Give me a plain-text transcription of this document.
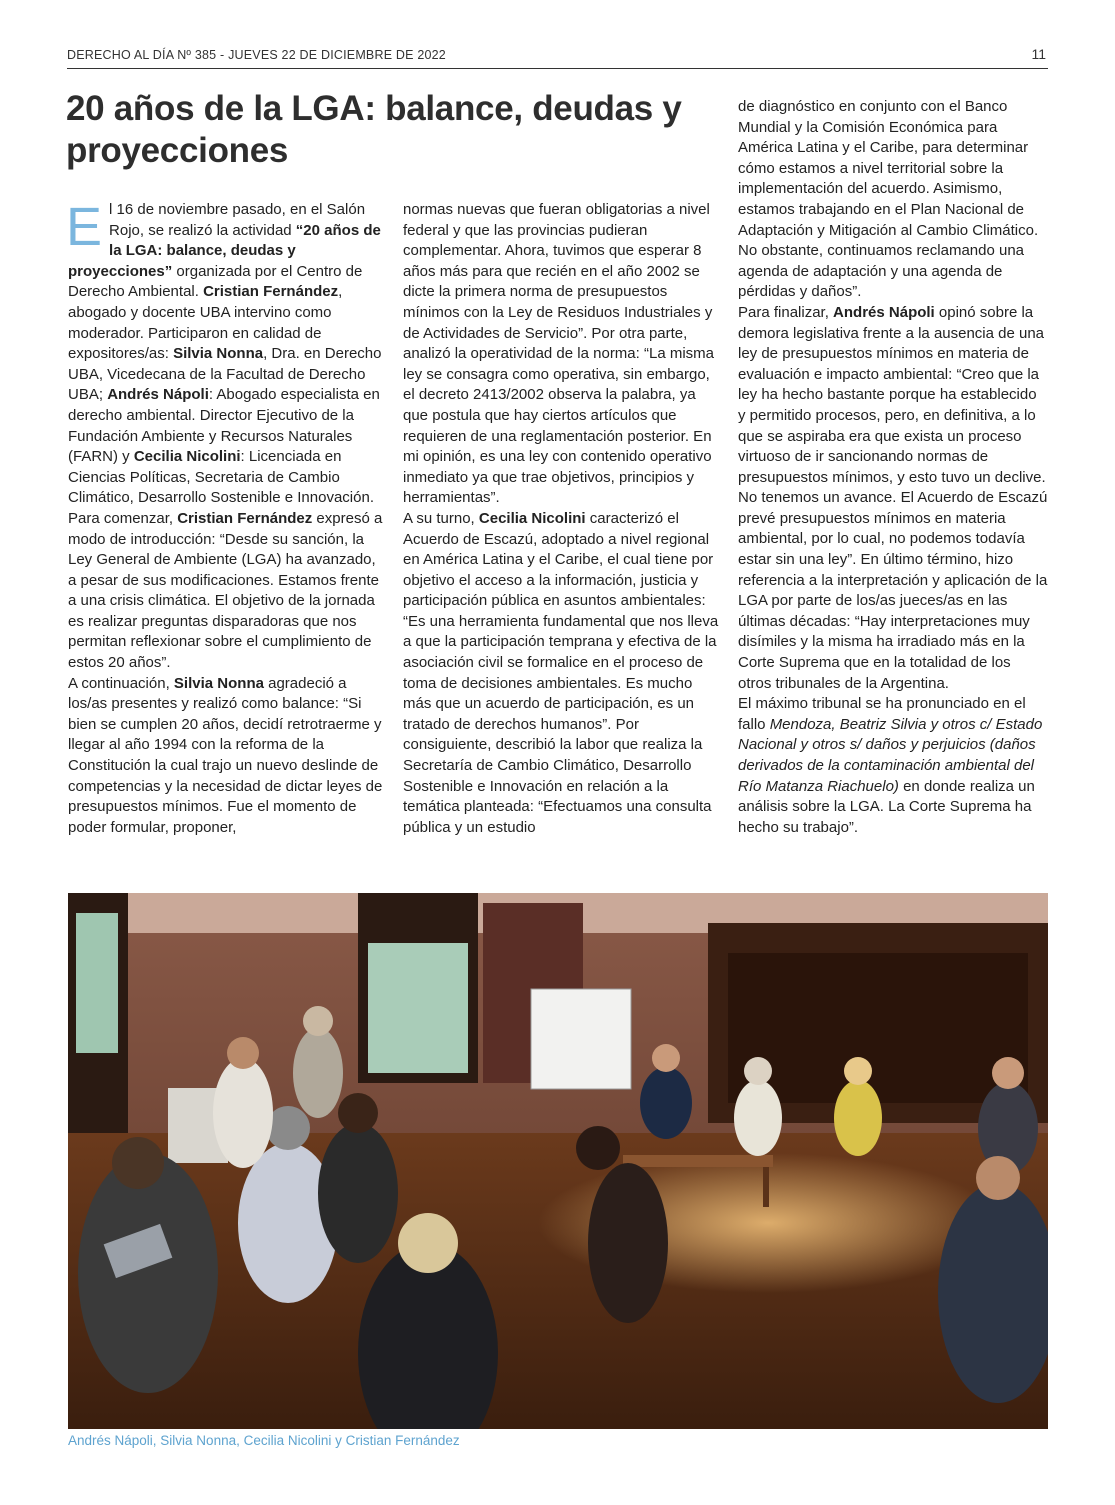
DERECHO AL DÍA Nº 385 - JUEVES 22 DE DICIEMBRE DE 2022	11
20 años de la LGA: balance, deudas y proyecciones

El 16 de noviembre pasado, en el Salón Rojo, se realizó la actividad “20 años de la LGA: balance, deudas y proyecciones” organizada por el Centro de Derecho Ambiental. Cristian Fernández, abogado y docente UBA intervino como moderador. Participaron en calidad de expositores/as: Silvia Nonna, Dra. en Derecho UBA, Vicedecana de la Facultad de Derecho UBA; Andrés Nápoli: Abogado especialista en derecho ambiental. Director Ejecutivo de la Fundación Ambiente y Recursos Naturales (FARN) y Cecilia Nicolini: Licenciada en Ciencias Políticas, Secretaria de Cambio Climático, Desarrollo Sostenible e Innovación.
Para comenzar, Cristian Fernández expresó a modo de introducción: “Desde su sanción, la Ley General de Ambiente (LGA) ha avanzado, a pesar de sus modificaciones. Estamos frente a una crisis climática. El objetivo de la jornada es realizar preguntas disparadoras que nos permitan reflexionar sobre el cumplimiento de estos 20 años”.
A continuación, Silvia Nonna agradeció a los/as presentes y realizó como balance: “Si bien se cumplen 20 años, decidí retrotraerme y llegar al año 1994 con la reforma de la Constitución la cual trajo un nuevo deslinde de competencias y la necesidad de dictar leyes de presupuestos mínimos. Fue el momento de poder formular, proponer,

normas nuevas que fueran obligatorias a nivel federal y que las provincias pudieran complementar. Ahora, tuvimos que esperar 8 años más para que recién en el año 2002 se dicte la primera norma de presupuestos mínimos con la Ley de Residuos Industriales y de Actividades de Servicio”. Por otra parte, analizó la operatividad de la norma: “La misma ley se consagra como operativa, sin embargo, el decreto 2413/2002 observa la palabra, ya que postula que hay ciertos artículos que requieren de una reglamentación posterior. En mi opinión, es una ley con contenido operativo inmediato ya que trae objetivos, principios y herramientas”.
A su turno, Cecilia Nicolini caracterizó el Acuerdo de Escazú, adoptado a nivel regional en América Latina y el Caribe, el cual tiene por objetivo el acceso a la información, justicia y participación pública en asuntos ambientales: “Es una herramienta fundamental que nos lleva a que la participación temprana y efectiva de la asociación civil se formalice en el proceso de toma de decisiones ambientales. Es mucho más que un acuerdo de participación, es un tratado de derechos humanos”. Por consiguiente, describió la labor que realiza la Secretaría de Cambio Climático, Desarrollo Sostenible e Innovación en relación a la temática planteada: “Efectuamos una consulta pública y un estudio

de diagnóstico en conjunto con el Banco Mundial y la Comisión Económica para América Latina y el Caribe, para determinar cómo estamos a nivel territorial sobre la implementación del acuerdo. Asimismo, estamos trabajando en el Plan Nacional de Adaptación y Mitigación al Cambio Climático. No obstante, continuamos reclamando una agenda de adaptación y una agenda de pérdidas y daños”.
Para finalizar, Andrés Nápoli opinó sobre la demora legislativa frente a la ausencia de una ley de presupuestos mínimos en materia de evaluación e impacto ambiental: “Creo que la ley ha hecho bastante porque ha establecido y permitido procesos, pero, en definitiva, a lo que se aspiraba era que exista un proceso virtuoso de ir sancionando normas de presupuestos mínimos, y esto tuvo un declive. No tenemos un avance. El Acuerdo de Escazú prevé presupuestos mínimos en materia ambiental, por lo cual, no podemos todavía estar sin una ley”. En último término, hizo referencia a la interpretación y aplicación de la LGA por parte de los/as jueces/as en las últimas décadas: “Hay interpretaciones muy disímiles y la misma ha irradiado más en la Corte Suprema que en la totalidad de los otros tribunales de la Argentina.
El máximo tribunal se ha pronunciado en el fallo Mendoza, Beatriz Silvia y otros c/ Estado Nacional y otros s/ daños y perjuicios (daños derivados de la contaminación ambiental del Río Matanza Riachuelo) en donde realiza un análisis sobre la LGA. La Corte Suprema ha hecho su trabajo”.

Andrés Nápoli, Silvia Nonna, Cecilia Nicolini y Cristian Fernández
